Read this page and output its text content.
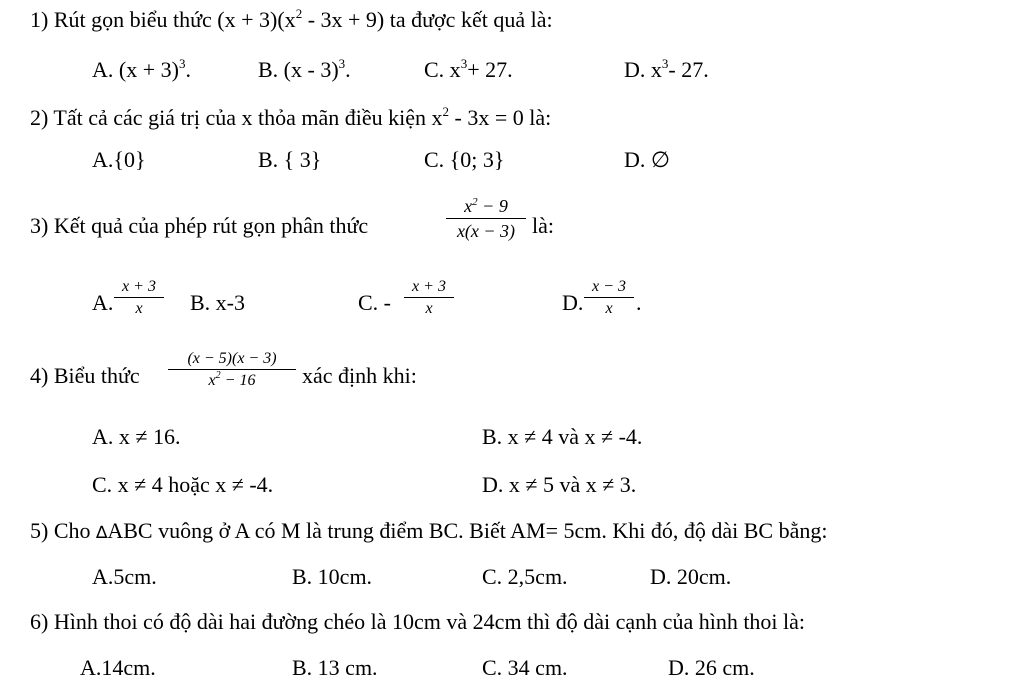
1) Rút gọn biểu thức $(x + 3)(x^2 - 3x + 9)$ ta được kết quả là:
A. $(x + 3)^3$.	B. (x - 3)$^3$.	C. $x^3+ 27$.	D. $x^3-$ 27.
2) Tất cả các giá trị của x thỏa mãn điều kiện $x^2 - 3x = 0$ là:
A.{0}	B. { 3}	C. {0; 3}	D. ∅
3) Kết quả của phép rút gọn phân thức
$x^2 - 9$
x(x − 3) là:
A.
x + 3
x	B. x-3	C. -
x + 3
x	D.
x − 3
x	.
4) Biểu thức
(x − 5)(x − 3)
$x^2 - 16$	xác định khi:
A. x ≠ 16.	B. x ≠ 4 và x ≠ -4.
C. x ≠ 4 hoặc x ≠ -4.	D. x ≠ 5 và x ≠ 3.
5) Cho ∆ABC vuông ở A có M là trung điểm BC. Biết AM= 5cm. Khi đó, độ dài BC bằng:
A.5cm.	B. 10cm.	C. 2,5cm.	D. 20cm.
6) Hình thoi có độ dài hai đường chéo là 10cm và 24cm thì độ dài cạnh của hình thoi là:
A.14cm.	B. 13 cm.	C. 34 cm.	D. 26 cm.
